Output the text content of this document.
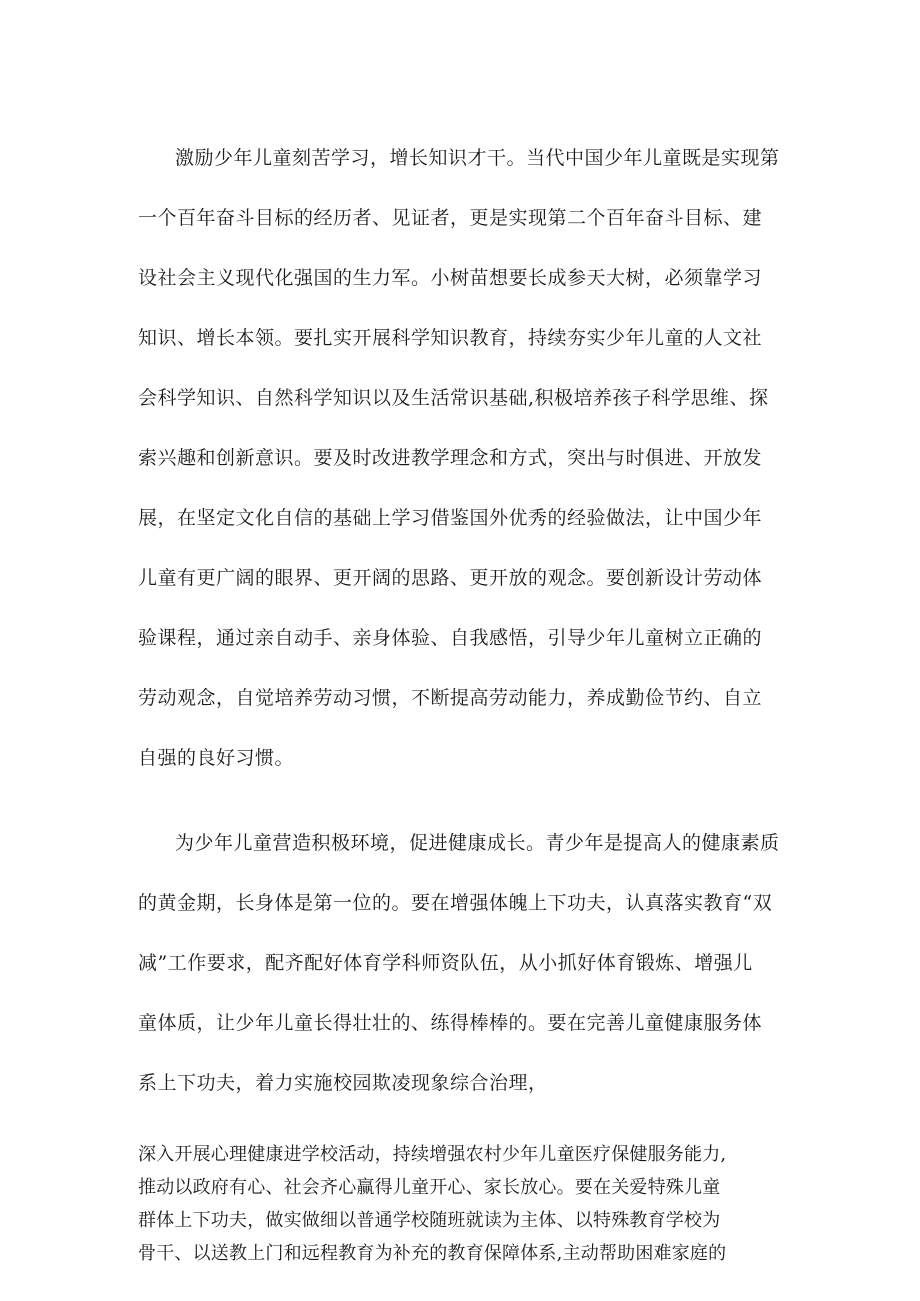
激励少年儿童刻苦学习，增长知识才干。当代中国少年儿童既是实现第
一个百年奋斗目标的经历者、见证者，更是实现第二个百年奋斗目标、建
设社会主义现代化强国的生力军。小树苗想要长成参天大树，必须靠学习
知识、增长本领。要扎实开展科学知识教育，持续夯实少年儿童的人文社
会科学知识、自然科学知识以及生活常识基础,积极培养孩子科学思维、探
索兴趣和创新意识。要及时改进教学理念和方式，突出与时俱进、开放发
展，在坚定文化自信的基础上学习借鉴国外优秀的经验做法，让中国少年
儿童有更广阔的眼界、更开阔的思路、更开放的观念。要创新设计劳动体
验课程，通过亲自动手、亲身体验、自我感悟，引导少年儿童树立正确的
劳动观念，自觉培养劳动习惯，不断提高劳动能力，养成勤俭节约、自立
自强的良好习惯。
为少年儿童营造积极环境，促进健康成长。青少年是提高人的健康素质
的黄金期，长身体是第一位的。要在增强体魄上下功夫，认真落实教育“双
减”工作要求，配齐配好体育学科师资队伍，从小抓好体育锻炼、增强儿
童体质，让少年儿童长得壮壮的、练得棒棒的。要在完善儿童健康服务体
系上下功夫，着力实施校园欺凌现象综合治理，
深入开展心理健康进学校活动，持续增强农村少年儿童医疗保健服务能力,
推动以政府有心、社会齐心赢得儿童开心、家长放心。要在关爱特殊儿童
群体上下功夫，做实做细以普通学校随班就读为主体、以特殊教育学校为
骨干、以送教上门和远程教育为补充的教育保障体系,主动帮助困难家庭的
